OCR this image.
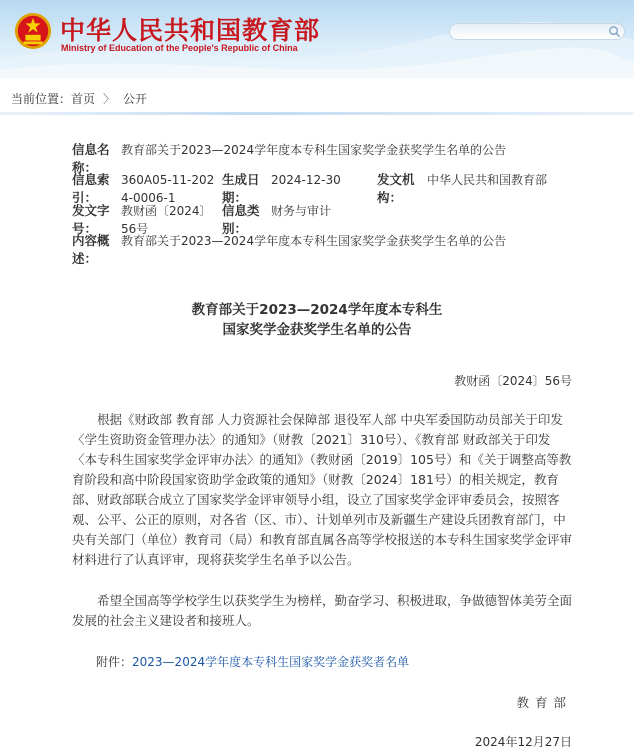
中华人民共和国教育部
Ministry of Education of the People's Republic of China
当前位置：首页 〉 公开
信息名称：
教育部关于2023—2024学年度本专科生国家奖学金获奖学生名单的公告
信息索引：
360A05-11-2024-0006-1
生成日期：
2024-12-30	发文机构：
中华人民共和国教育部
发文字号：
教财函〔2024〕56号
信息类别：
财务与审计
内容概述：
教育部关于2023—2024学年度本专科生国家奖学金获奖学生名单的公告
教育部关于2023—2024学年度本专科生
国家奖学金获奖学生名单的公告
教财函〔2024〕56号

根据《财政部 教育部 人力资源社会保障部 退役军人部 中央军委国防动员部关于印发〈学生资助资金管理办法〉的通知》（财教〔2021〕310号）、《教育部 财政部关于印发〈本专科生国家奖学金评审办法〉的通知》（教财函〔2019〕105号）和《关于调整高等教育阶段和高中阶段国家资助学金政策的通知》（财教〔2024〕181号）的相关规定，教育部、财政部联合成立了国家奖学金评审领导小组，设立了国家奖学金评审委员会，按照客观、公平、公正的原则，对各省（区、市）、计划单列市及新疆生产建设兵团教育部门，中央有关部门（单位）教育司（局）和教育部直属各高等学校报送的本专科生国家奖学金评审材料进行了认真评审，现将获奖学生名单予以公告。

希望全国高等学校学生以获奖学生为榜样，勤奋学习、积极进取，争做德智体美劳全面发展的社会主义建设者和接班人。

附件：2023—2024学年度本专科生国家奖学金获奖者名单
教育部
2024年12月27日
